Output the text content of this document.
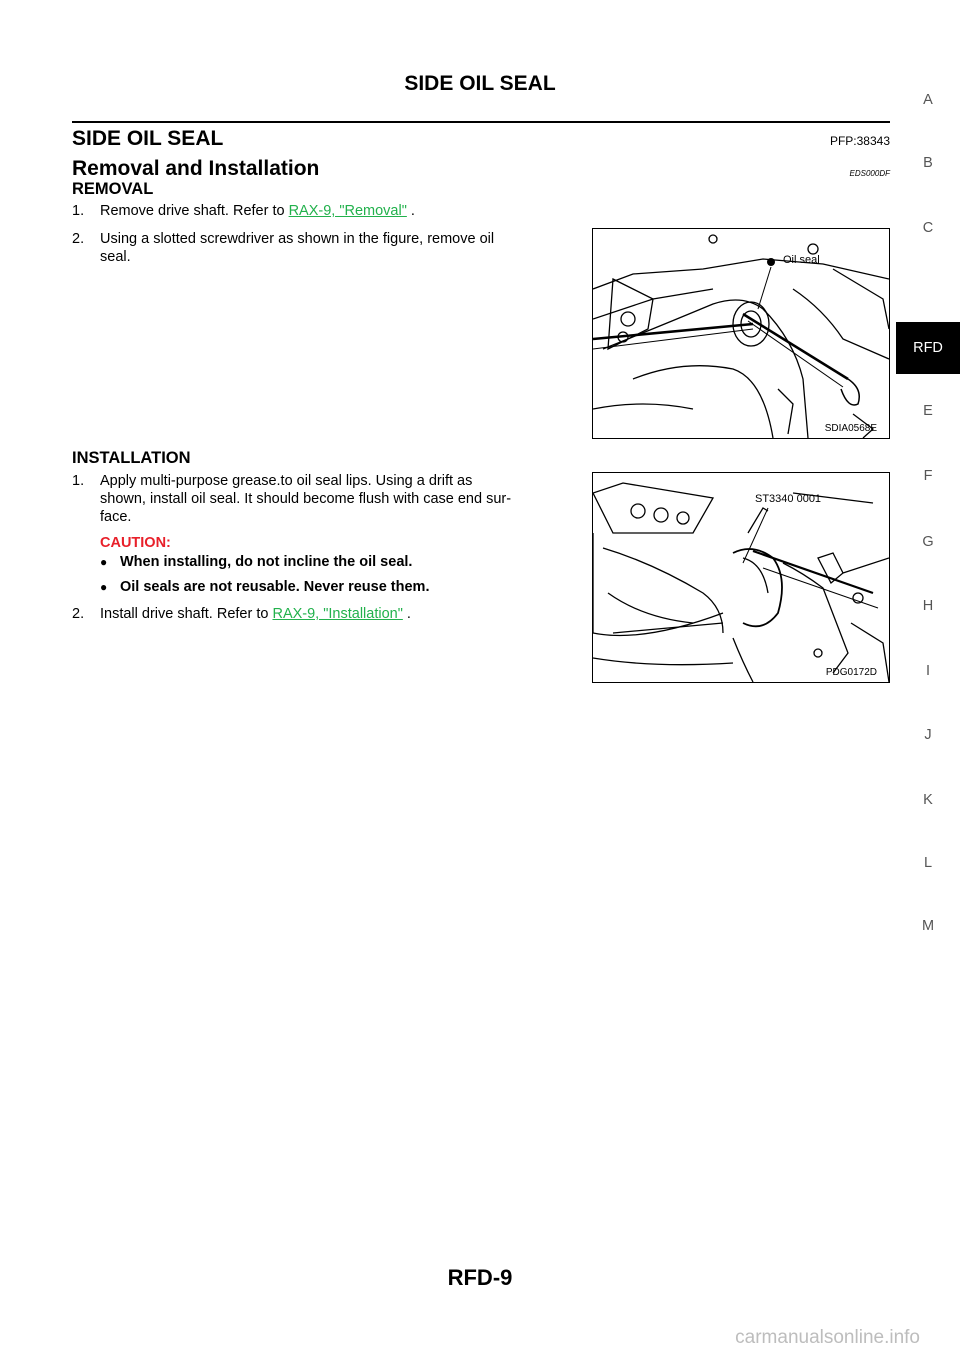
SIDE OIL SEAL
SIDE OIL SEAL	PFP:38343
Removal and Installation	EDS000DF
REMOVAL
1. Remove drive shaft. Refer to RAX-9, "Removal" .
2. Using a slotted screwdriver as shown in the figure, remove oil
seal.	Oil seal
SDIA0568E
INSTALLATION
1. Apply multi-purpose grease.to oil seal lips. Using a drift as
shown, install oil seal. It should become flush with case end sur-
face.
CAUTION:
● When installing, do not incline the oil seal.
● Oil seals are not reusable. Never reuse them.
2. Install drive shaft. Refer to RAX-9, "Installation" .
ST3340 0001
PDG0172D
A
B
C
RFD
E
F
G
H
I
J
K
L
M
RFD-9
carmanualsonline.info
